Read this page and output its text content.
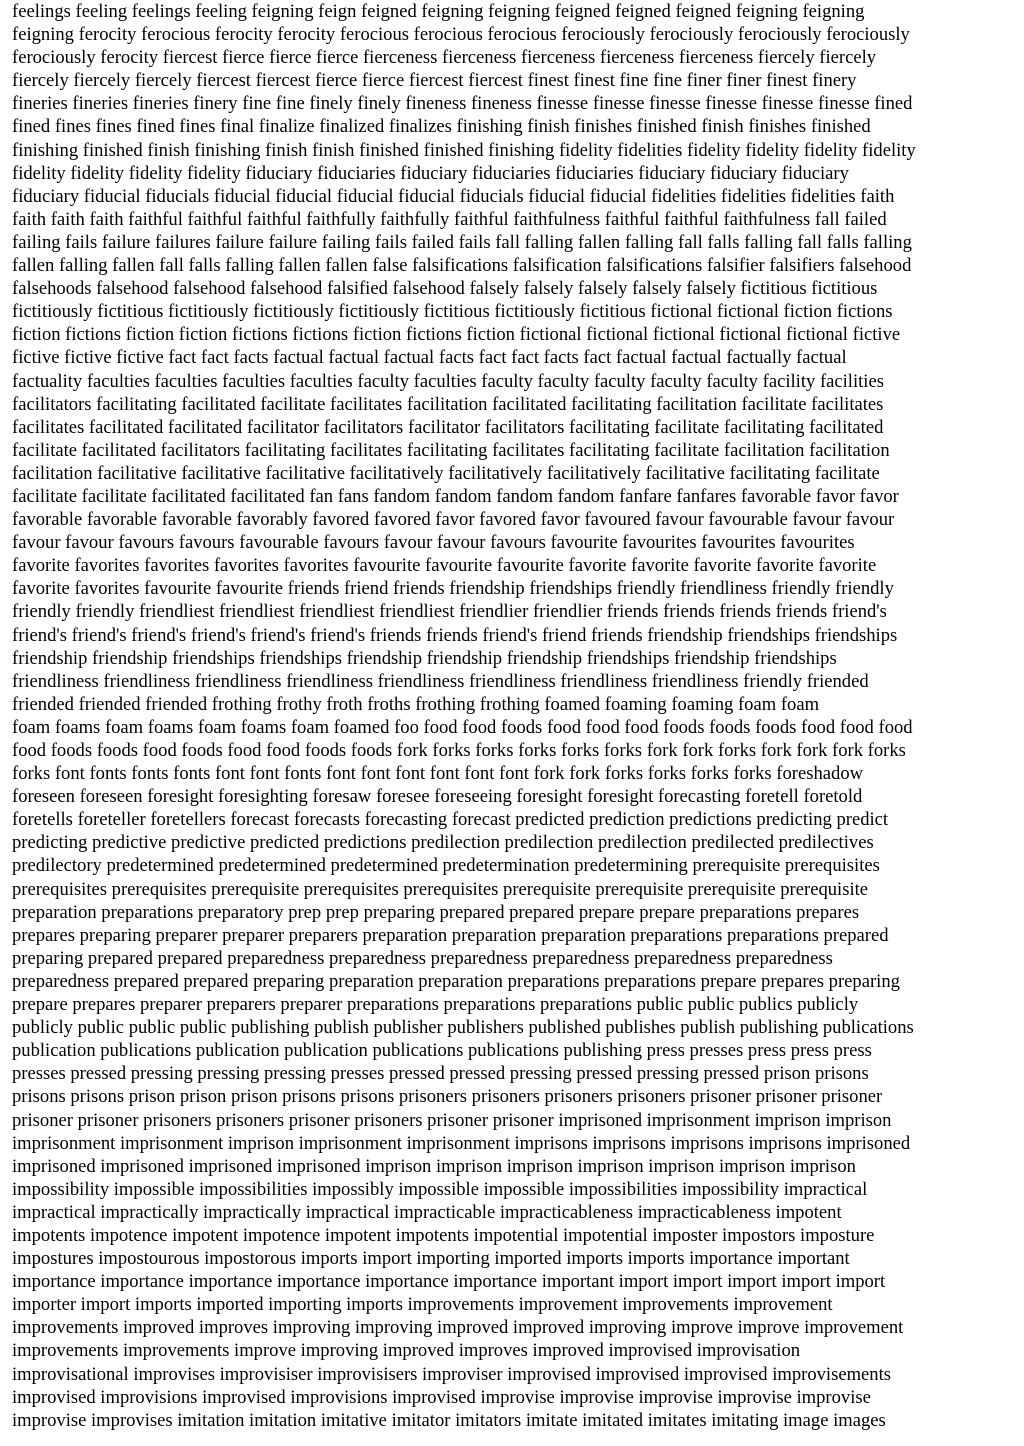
feelings feeling feelings feeling feigning feign feigned feigning feigning feigned feigned feigned feigning feigning
feigning ferocity ferocious ferocity ferocity ferocious ferocious ferocious ferociously ferociously ferociously ferociously
ferociously ferocity fiercest fierce fierce fierce fierceness fierceness fierceness fierceness fierceness fiercely fiercely
fiercely fiercely fiercely fiercest fiercest fierce fierce fiercest fiercest finest finest fine fine finer finer finest finery
fineries fineries fineries finery fine fine finely finely fineness fineness finesse finesse finesse finesse finesse finesse fined
fined fines fines fined fines final finalize finalized finalizes finishing finish finishes finished finish finishes finished
finishing finished finish finishing finish finish finished finished finishing fidelity fidelities fidelity fidelity fidelity fidelity
fidelity fidelity fidelity fidelity fiduciary fiduciaries fiduciary fiduciaries fiduciaries fiduciary fiduciary fiduciary
fiduciary fiducial fiducials fiducial fiducial fiducial fiducial fiducials fiducial fiducial fidelities fidelities fidelities faith
faith faith faith faithful faithful faithful faithfully faithfully faithful faithfulness faithful faithful faithfulness fall failed
failing fails failure failures failure failure failing fails failed fails fall falling fallen falling fall falls falling fall falls falling
fallen falling fallen fall falls falling fallen fallen false falsifications falsification falsifications falsifier falsifiers falsehood
falsehoods falsehood falsehood falsehood falsified falsehood falsely falsely falsely falsely falsely fictitious fictitious
fictitiously fictitious fictitiously fictitiously fictitiously fictitious fictitiously fictitious fictional fictional fiction fictions
fiction fictions fiction fiction fictions fictions fiction fictions fiction fictional fictional fictional fictional fictional fictive
fictive fictive fictive fact fact facts factual factual factual facts fact fact facts fact factual factual factually factual
factuality faculties faculties faculties faculties faculty faculties faculty faculty faculty faculty faculty facility facilities
facilitators facilitating facilitated facilitate facilitates facilitation facilitated facilitating facilitation facilitate facilitates
facilitates facilitated facilitated facilitator facilitators facilitator facilitators facilitating facilitate facilitating facilitated
facilitate facilitated facilitators facilitating facilitates facilitating facilitates facilitating facilitate facilitation facilitation
facilitation facilitative facilitative facilitative facilitatively facilitatively facilitatively facilitative facilitating facilitate
facilitate facilitate facilitated facilitated fan fans fandom fandom fandom fandom fanfare fanfares favorable favor favor
favorable favorable favorable favorably favored favored favor favored favor favoured favour favourable favour favour
favour favour favours favours favourable favours favour favour favours favourite favourites favourites favourites
favorite favorites favorites favorites favorites favourite favourite favourite favorite favorite favorite favorite favorite
favorite favorites favourite favourite friends friend friends friendship friendships friendly friendliness friendly friendly
friendly friendly friendliest friendliest friendliest friendliest friendlier friendlier friends friends friends friends friend's
friend's friend's friend's friend's friend's friend's friends friends friend's friend friends friendship friendships friendships
friendship friendship friendships friendships friendship friendship friendship friendships friendship friendships
friendliness friendliness friendliness friendliness friendliness friendliness friendliness friendliness friendly friended
friended friended friended frothing frothy froth froths frothing frothing foamed foaming foaming foam foam
foam foams foam foams foam foams foam foamed foo food food foods food food food foods foods foods food food food
food foods foods food foods food food foods foods fork forks forks forks forks forks fork fork forks fork fork fork forks
forks font fonts fonts fonts font font fonts font font font font font font fork fork forks forks forks forks foreshadow
foreseen foreseen foresight foresighting foresaw foresee foreseeing foresight foresight forecasting foretell foretold
foretells foreteller foretellers forecast forecasts forecasting forecast predicted prediction predictions predicting predict
predicting predictive predictive predicted predictions predilection predilection predilection predilected predilectives
predilectory predetermined predetermined predetermined predetermination predetermining prerequisite prerequisites
prerequisites prerequisites prerequisite prerequisites prerequisites prerequisite prerequisite prerequisite prerequisite
preparation preparations preparatory prep prep preparing prepared prepared prepare prepare preparations prepares
prepares preparing preparer preparer preparers preparation preparation preparation preparations preparations prepared
preparing prepared prepared preparedness preparedness preparedness preparedness preparedness preparedness
preparedness prepared prepared preparing preparation preparation preparations preparations prepare prepares preparing
prepare prepares preparer preparers preparer preparations preparations preparations public public publics publicly
publicly public public public publishing publish publisher publishers published publishes publish publishing publications
publication publications publication publication publications publications publishing press presses press press press
presses pressed pressing pressing pressing presses pressed pressed pressing pressed pressing pressed prison prisons
prisons prisons prison prison prison prisons prisons prisoners prisoners prisoners prisoners prisoner prisoner prisoner
prisoner prisoner prisoners prisoners prisoner prisoners prisoner prisoner imprisoned imprisonment imprison imprison
imprisonment imprisonment imprison imprisonment imprisonment imprisons imprisons imprisons imprisons imprisoned
imprisoned imprisoned imprisoned imprisoned imprison imprison imprison imprison imprison imprison imprison
impossibility impossible impossibilities impossibly impossible impossible impossibilities impossibility impractical
impractical impractically impractically impractical impracticable impracticableness impracticableness impotent
impotents impotence impotent impotence impotent impotents impotential impotential imposter impostors imposture
impostures impostourous impostorous imports import importing imported imports imports importance important
importance importance importance importance importance importance important import import import import import
importer import imports imported importing imports improvements improvement improvements improvement
improvements improved improves improving improving improved improved improving improve improve improvement
improvements improvements improve improving improved improves improved improvised improvisation
improvisational improvises improvisiser improvisisers improviser improvised improvised improvised improvisements
improvised improvisions improvised improvisions improvised improvise improvise improvise improvise improvise
improvise improvises imitation imitation imitative imitator imitators imitate imitated imitates imitating image images
